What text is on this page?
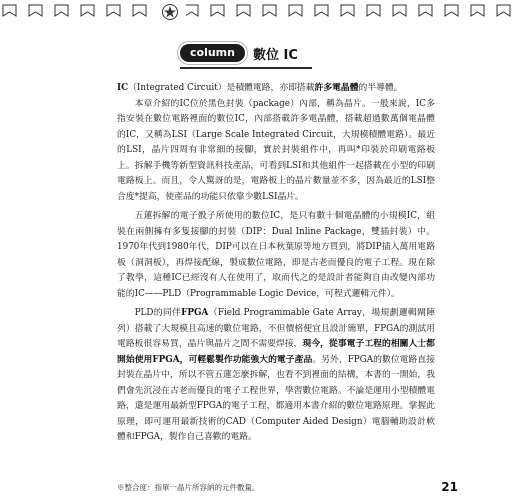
column	數位 IC

IC（Integrated Circuit）是積體電路，亦即搭載許多電晶體的半導體。

本章介紹的IC位於黑色封裝（package）內部，稱為晶片。一般來說，IC多指安裝在數位電路裡面的數位IC，內部搭載許多電晶體，搭載超過數萬個電晶體的IC，又稱為LSI（Large Scale Integrated Circuit，大規模積體電路）。最近的LSI，晶片四周有非常細的接腳，實於封裝組件中，再叫*印裝於印刷電路板上。拆解手機等新型資訊科技產品，可看到LSI和其他組件一起搭載在小型的印刷電路板上。而且，令人驚訝的是，電路板上的晶片數量並不多，因為最近的LSI整合度*提高，使產品的功能只依靠少數LSI晶片。

五蓮拆解的電子骰子所使用的數位IC，是只有數十個電晶體的小規模IC，組裝在兩側擁有多隻接腳的封裝（DIP：Dual Inline Package，雙插封裝）中。1970年代到1980年代，DIP可以在日本秋葉原等地方買到，將DIP插入萬用電路板（洞洞板），再焊接配線，製成數位電路，即是古老而優良的電子工程。現在除了教學，這種IC已經沒有人在使用了，取而代之的是設計者能夠自由改變內部功能的IC——PLD（Programmable Logic Device，可程式邏輯元件）。

PLD的同伴FPGA（Field Programmable Gate Array，場規劃邏輯閘陣列）搭載了大規模且高速的數位電路，不但價格便宜且設計簡單，FPGA的測試用電路板很容易買，晶片與晶片之間不需要焊接，現今，從事電子工程的相關人士都開始使用FPGA，可輕鬆製作功能強大的電子產品。另外，FPGA的數位電路直接封裝在晶片中，所以不管五蓮怎麼拆解，也看不到裡面的結構，本書的一開始，我們會先沉浸在古老而優良的電子工程世界，學習數位電路。不論是運用小型積體電路，還是運用最新型FPGA的電子工程，都適用本書介紹的數位電路原理。掌握此原理，即可運用最新技術的CAD（Computer Aided Design）電腦輔助設計軟體和FPGA，製作自己喜歡的電路。

※整合度：指單一晶片所容納的元件數量。	21
